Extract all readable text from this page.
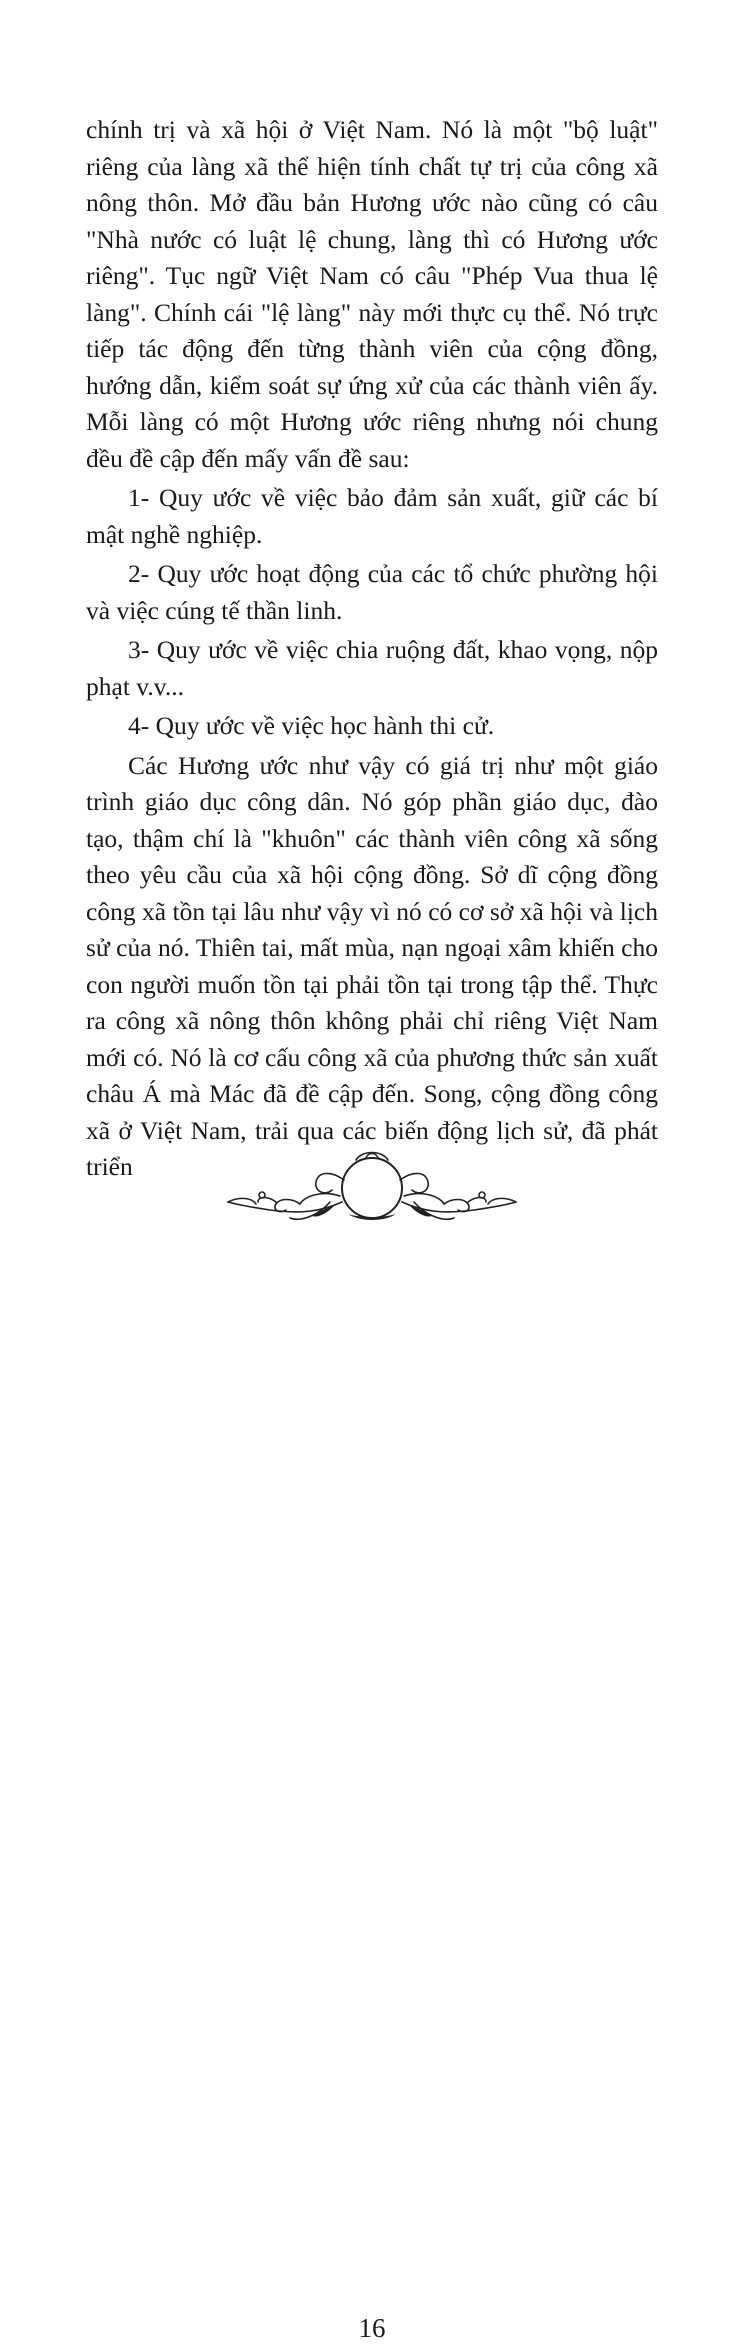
chính trị và xã hội ở Việt Nam. Nó là một "bộ luật" riêng của làng xã thể hiện tính chất tự trị của công xã nông thôn. Mở đầu bản Hương ước nào cũng có câu "Nhà nước có luật lệ chung, làng thì có Hương ước riêng". Tục ngữ Việt Nam có câu "Phép Vua thua lệ làng". Chính cái "lệ làng" này mới thực cụ thể. Nó trực tiếp tác động đến từng thành viên của cộng đồng, hướng dẫn, kiểm soát sự ứng xử của các thành viên ấy. Mỗi làng có một Hương ước riêng nhưng nói chung đều đề cập đến mấy vấn đề sau:

1- Quy ước về việc bảo đảm sản xuất, giữ các bí mật nghề nghiệp.

2- Quy ước hoạt động của các tổ chức phường hội và việc cúng tế thần linh.

3- Quy ước về việc chia ruộng đất, khao vọng, nộp phạt v.v...

4- Quy ước về việc học hành thi cử.

Các Hương ước như vậy có giá trị như một giáo trình giáo dục công dân. Nó góp phần giáo dục, đào tạo, thậm chí là "khuôn" các thành viên công xã sống theo yêu cầu của xã hội cộng đồng. Sở dĩ cộng đồng công xã tồn tại lâu như vậy vì nó có cơ sở xã hội và lịch sử của nó. Thiên tai, mất mùa, nạn ngoại xâm khiến cho con người muốn tồn tại phải tồn tại trong tập thể. Thực ra công xã nông thôn không phải chỉ riêng Việt Nam mới có. Nó là cơ cấu công xã của phương thức sản xuất châu Á mà Mác đã đề cập đến. Song, cộng đồng công xã ở Việt Nam, trải qua các biến động lịch sử, đã phát triển

16
